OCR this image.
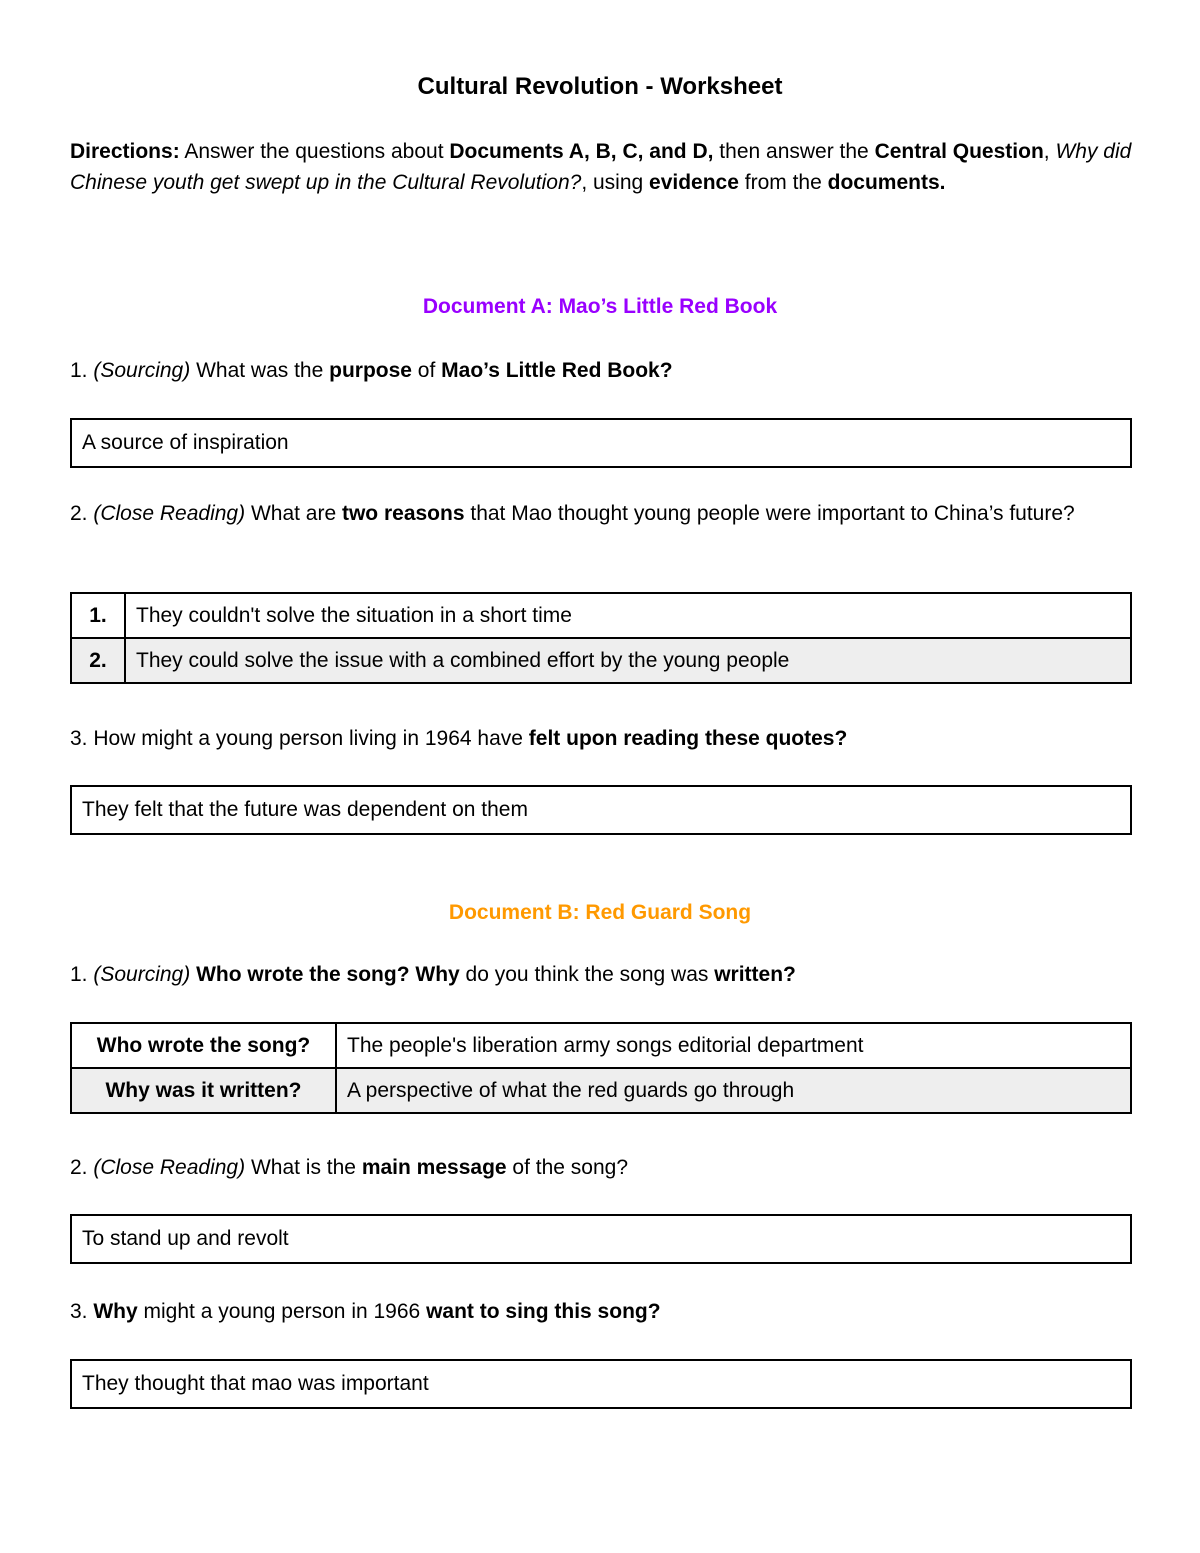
Cultural Revolution - Worksheet
Directions: Answer the questions about Documents A, B, C, and D, then answer the Central Question, Why did Chinese youth get swept up in the Cultural Revolution?, using evidence from the documents.
Document A: Mao’s Little Red Book
1. (Sourcing) What was the purpose of Mao’s Little Red Book?
A source of inspiration
2. (Close Reading) What are two reasons that Mao thought young people were important to China’s future?
1.	They couldn't solve the situation in a short time
2.	They could solve the issue with a combined effort by the young people
3. How might a young person living in 1964 have felt upon reading these quotes?
They felt that the future was dependent on them
Document B: Red Guard Song
1. (Sourcing) Who wrote the song? Why do you think the song was written?
Who wrote the song?	The people's liberation army songs editorial department
Why was it written?	A perspective of what the red guards go through
2. (Close Reading) What is the main message of the song?
To stand up and revolt
3. Why might a young person in 1966 want to sing this song?
They thought that mao was important
